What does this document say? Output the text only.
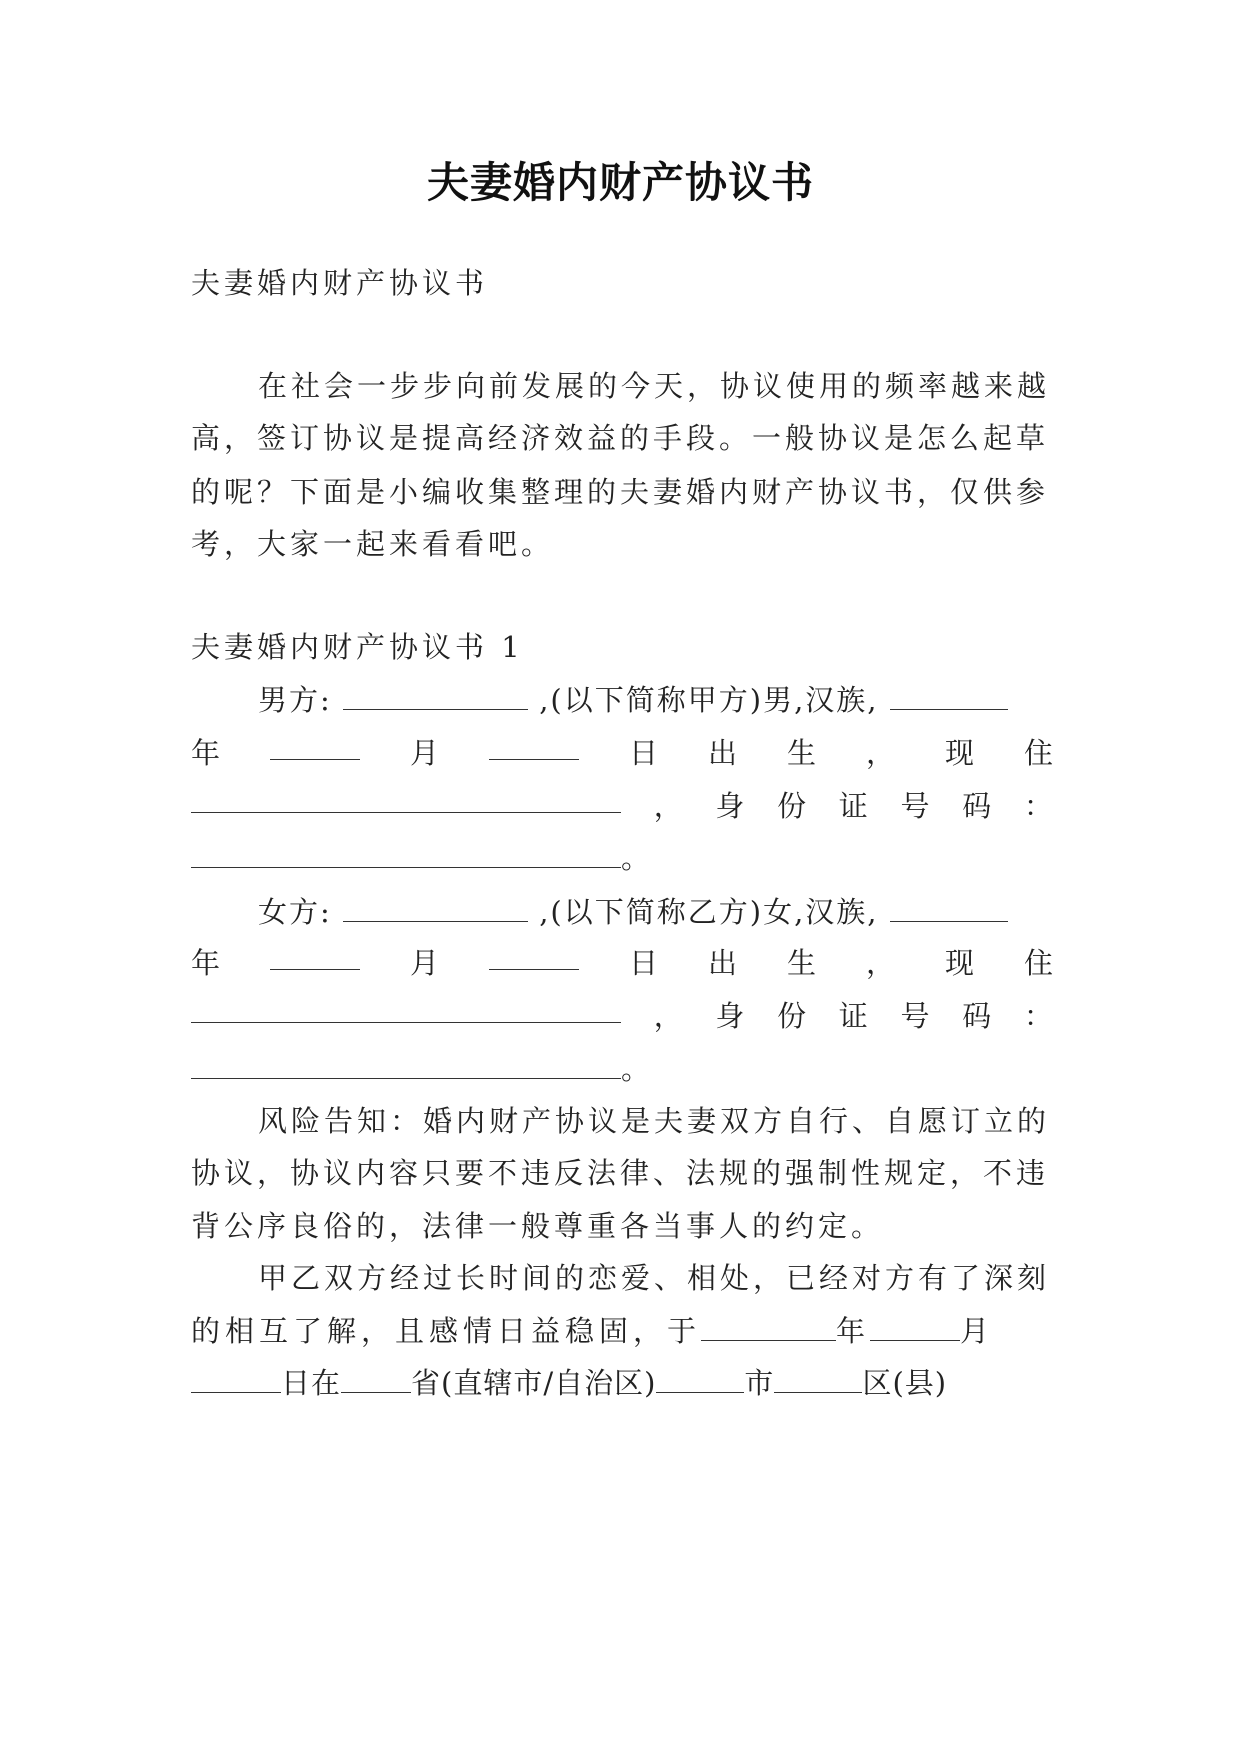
夫妻婚内财产协议书
夫妻婚内财产协议书
在社会一步步向前发展的今天，协议使用的频率越来越
高，签订协议是提高经济效益的手段。一般协议是怎么起草
的呢？下面是小编收集整理的夫妻婚内财产协议书，仅供参
考，大家一起来看看吧。
夫妻婚内财产协议书 1
男方:	,(以下简称甲方)男,汉族,
年	月	日 出 生 ， 现 住
， 身 份 证 号 码 ：
。
女方:	,(以下简称乙方)女,汉族,
年	月	日 出 生 ， 现 住
， 身 份 证 号 码 ：
。
风险告知：婚内财产协议是夫妻双方自行、自愿订立的
协议，协议内容只要不违反法律、法规的强制性规定，不违
背公序良俗的，法律一般尊重各当事人的约定。
甲乙双方经过长时间的恋爱、相处，已经对方有了深刻
的相互了解，且感情日益稳固，于	年	月
日在 省(直辖市/自治区)	市	区(县)
